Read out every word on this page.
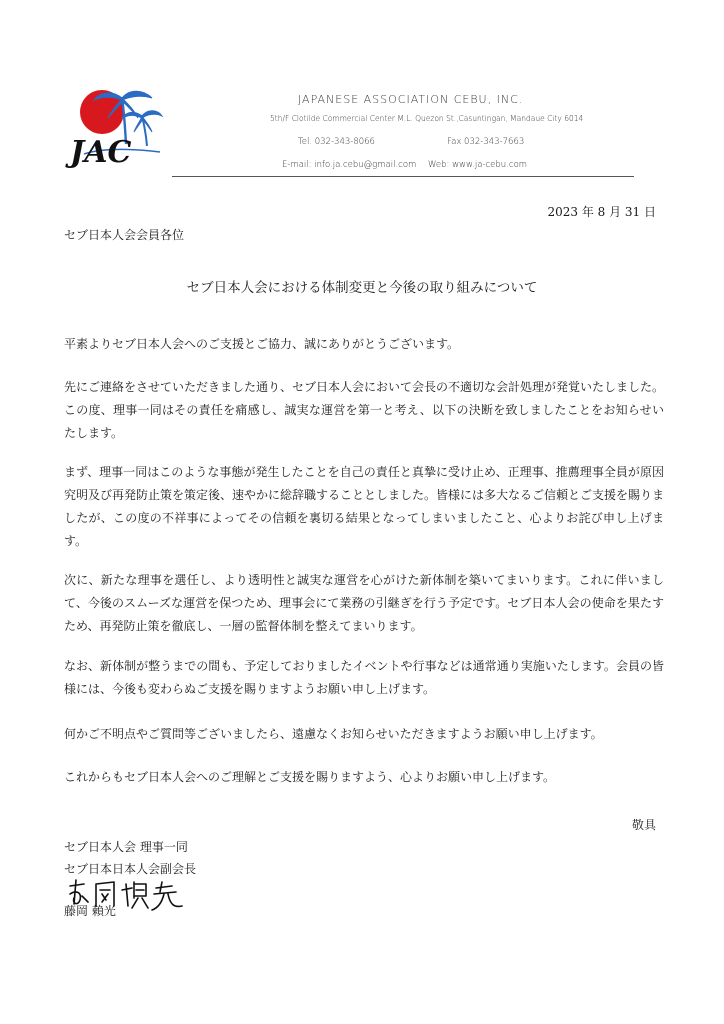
JAC
JAPANESE ASSOCIATION CEBU, INC.
5th/F Clotilde Commercial Center M.L. Quezon St.,Casuntingan, Mandaue City 6014
Tel. 032-343-8066	Fax 032-343-7663
E-mail: info.ja.cebu@gmail.com Web: www.ja-cebu.com
2023 年 8 月 31 日
セブ日本人会会員各位
セブ日本人会における体制変更と今後の取り組みについて
平素よりセブ日本人会へのご支援とご協力、誠にありがとうございます。
先にご連絡をさせていただきました通り、セブ日本人会において会長の不適切な会計処理が発覚いたしました。この度、理事一同はその責任を痛感し、誠実な運営を第一と考え、以下の決断を致しましたことをお知らせいたします。
まず、理事一同はこのような事態が発生したことを自己の責任と真摯に受け止め、正理事、推薦理事全員が原因究明及び再発防止策を策定後、速やかに総辞職することとしました。皆様には多大なるご信頼とご支援を賜りましたが、この度の不祥事によってその信頼を裏切る結果となってしまいましたこと、心よりお詫び申し上げます。
次に、新たな理事を選任し、より透明性と誠実な運営を心がけた新体制を築いてまいります。これに伴いまして、今後のスムーズな運営を保つため、理事会にて業務の引継ぎを行う予定です。セブ日本人会の使命を果たすため、再発防止策を徹底し、一層の監督体制を整えてまいります。
なお、新体制が整うまでの間も、予定しておりましたイベントや行事などは通常通り実施いたします。会員の皆様には、今後も変わらぬご支援を賜りますようお願い申し上げます。
何かご不明点やご質問等ございましたら、遠慮なくお知らせいただきますようお願い申し上げます。
これからもセブ日本人会へのご理解とご支援を賜りますよう、心よりお願い申し上げます。
敬具
セブ日本人会 理事一同
セブ日本日本人会副会長
藤岡 賴光
